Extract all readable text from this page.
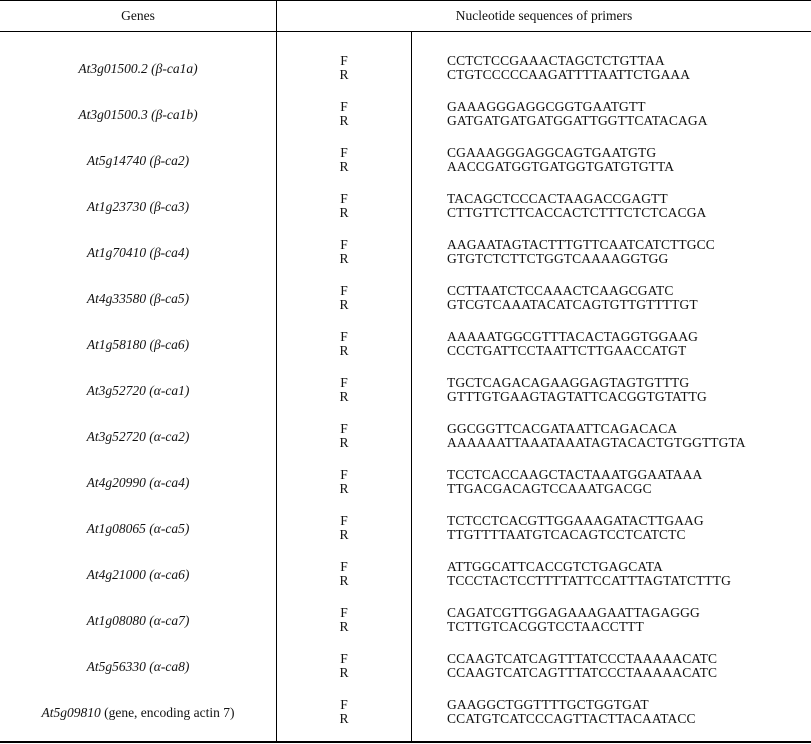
Genes	Nucleotide sequences of primers
At3g01500.2 (β-ca1a)
F
R
CCTCTCCGAAACTAGCTCTGTTAA
CTGTCCCCCAAGATTTTAATTCTGAAA
At3g01500.3 (β-ca1b)
F
R
GAAAGGGAGGCGGTGAATGTT
GATGATGATGATGGATTGGTTCATACAGA
At5g14740 (β-ca2)
F
R
CGAAAGGGAGGCAGTGAATGTG
AACCGATGGTGATGGTGATGTGTTA
At1g23730 (β-ca3)
F
R
TACAGCTCCCACTAAGACCGAGTT
CTTGTTCTTCACCACTCTTTCTCTCACGA
At1g70410 (β-ca4)
F
R
AAGAATAGTACTTTGTTCAATCATCTTGCC
GTGTCTCTTCTGGTCAAAAGGTGG
At4g33580 (β-ca5)
F
R
CCTTAATCTCCAAACTCAAGCGATC
GTCGTCAAATACATCAGTGTTGTTTTGT
At1g58180 (β-ca6)
F
R
AAAAATGGCGTTTACACTAGGTGGAAG
CCCTGATTCCTAATTCTTGAACCATGT
At3g52720 (α-ca1)
F
R
TGCTCAGACAGAAGGAGTAGTGTTTG
GTTTGTGAAGTAGTATTCACGGTGTATTG
At3g52720 (α-ca2)
F
R
GGCGGTTCACGATAATTCAGACACA
AAAAAATTAAATAAATAGTACACTGTGGTTGTA
At4g20990 (α-ca4)
F
R
TCCTCACCAAGCTACTAAATGGAATAAA
TTGACGACAGTCCAAATGACGC
At1g08065 (α-ca5)
F
R
TCTCCTCACGTTGGAAAGATACTTGAAG
TTGTTTTAATGTCACAGTCCTCATCTC
At4g21000 (α-ca6)
F
R
ATTGGCATTCACCGTCTGAGCATA
TCCCTACTCCTTTTATTCCATTTAGTATCTTTG
At1g08080 (α-ca7)
F
R
CAGATCGTTGGAGAAAGAATTAGAGGG
TCTTGTCACGGTCCTAACCTTT
At5g56330 (α-ca8)
F
R
CCAAGTCATCAGTTTATCCCTAAAAACATC
CCAAGTCATCAGTTTATCCCTAAAAACATC
At5g09810 (gene, encoding actin 7)
F
R
GAAGGCTGGTTTTGCTGGTGAT
CCATGTCATCCCAGTTACTTACAATACC
